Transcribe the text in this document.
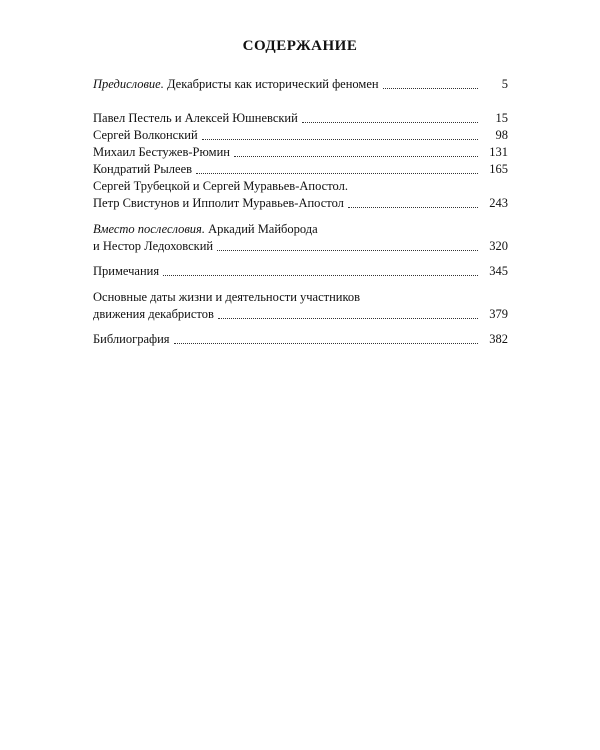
СОДЕРЖАНИЕ
Предисловие. Декабристы как исторический феномен	5
Павел Пестель и Алексей Юшневский	15
Сергей Волконский	98
Михаил Бестужев-Рюмин	131
Кондратий Рылеев	165
Сергей Трубецкой и Сергей Муравьев-Апостол.
Петр Свистунов и Ипполит Муравьев-Апостол	243
Вместо послесловия. Аркадий Майборода
и Нестор Ледоховский	320
Примечания	345
Основные даты жизни и деятельности участников
движения декабристов	379
Библиография	382
